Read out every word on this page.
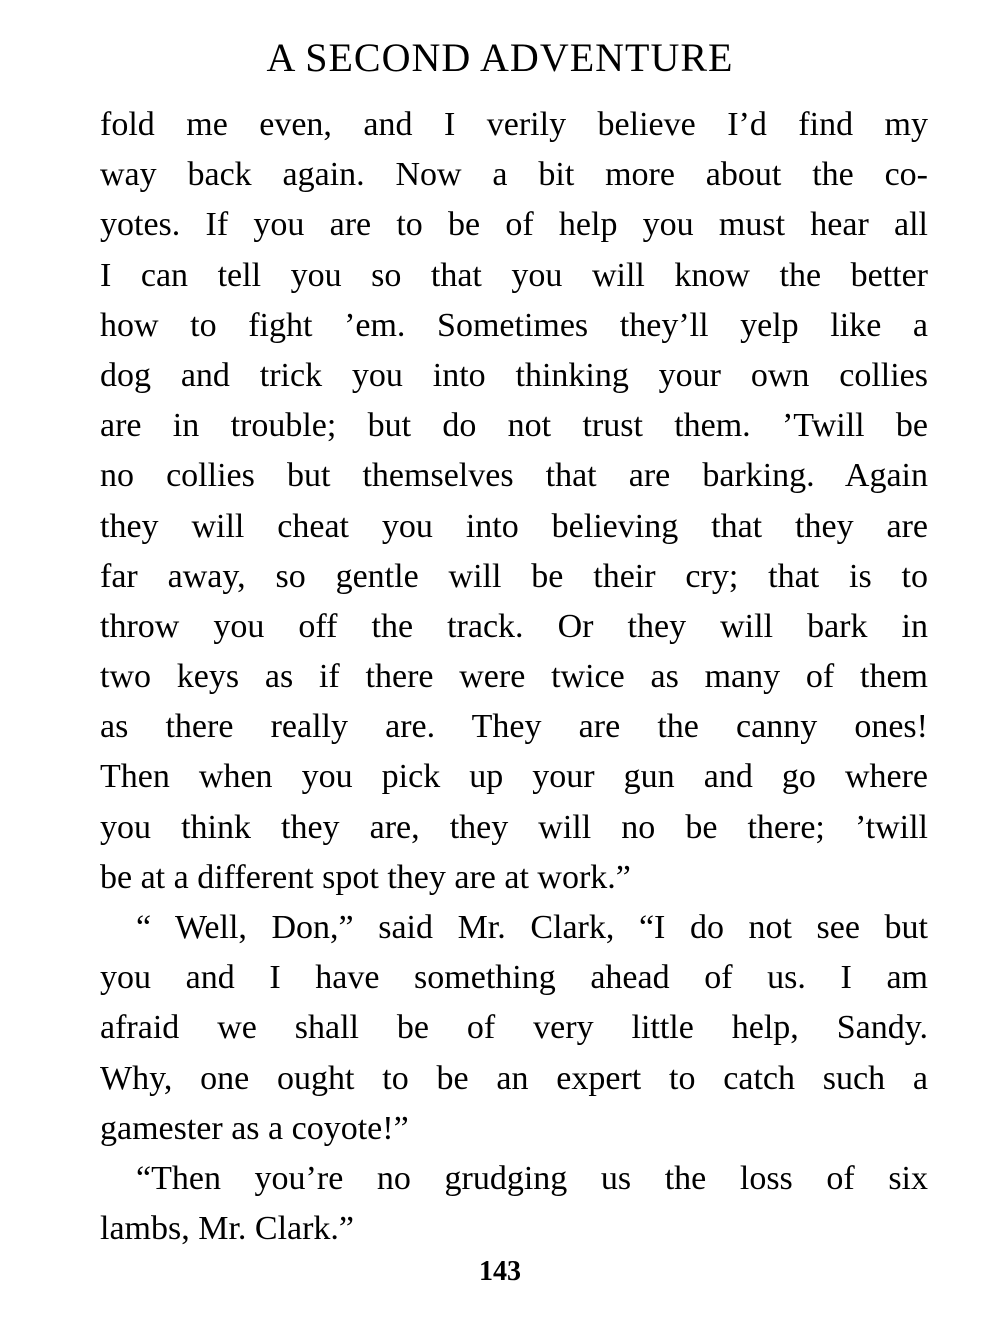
A SECOND ADVENTURE
fold me even, and I verily believe I’d find my
way back again. Now a bit more about the co-
yotes. If you are to be of help you must hear all
I can tell you so that you will know the better
how to fight ’em. Sometimes they’ll yelp like a
dog and trick you into thinking your own collies
are in trouble; but do not trust them. ’Twill be
no collies but themselves that are barking. Again
they will cheat you into believing that they are
far away, so gentle will be their cry; that is to
throw you off the track. Or they will bark in
two keys as if there were twice as many of them
as there really are. They are the canny ones!
Then when you pick up your gun and go where
you think they are, they will no be there; ’twill
be at a different spot they are at work.”
“ Well, Don,” said Mr. Clark, “I do not see but
you and I have something ahead of us. I am
afraid we shall be of very little help, Sandy.
Why, one ought to be an expert to catch such a
gamester as a coyote!”
“Then you’re no grudging us the loss of six
lambs, Mr. Clark.”
143
